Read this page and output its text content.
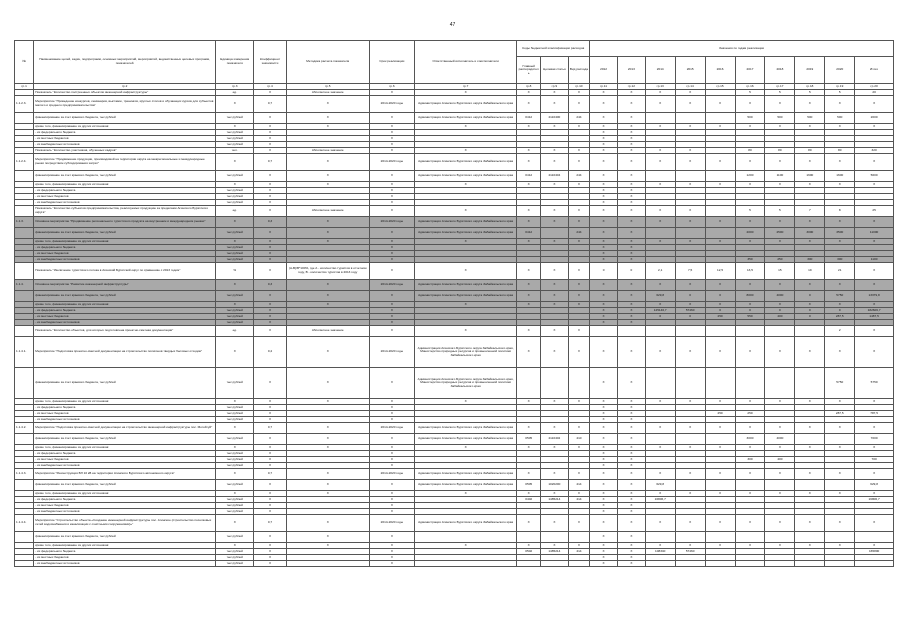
47
№	Наименование целей, задач, подпрограмм, основных мероприятий, мероприятий, ведомственных целевых программ, показателей	Единица измерения показателя	Коэффициент значимости	Методика расчета показателя	Срок реализации	Ответственный исполнитель и соисполнители	Коды бюджетной классификации расходов			Значения по годам реализации									
							Главный распорядитель	Целевая статья	Вид расхода	2012	2013	2014	2015	2016	2017	2018	2019	2020	Итого
гр.1	гр.2	гр.3	гр.4	гр.5	гр.6	гр.7	гр.8	гр.9	гр.10	гр.11	гр.12	гр.13	гр.14	гр.15	гр.16	гр.17	гр.18	гр.19	гр.20
	Показатель "Количество построенных объектов инженерной инфраструктуры"	ед.	X	Абсолютное значение	X	X	X	X	X	X	X	X	X		5	5	5	5	20
1.1.2.3.	Мероприятие "Проведение конкурсов, семинаров, выставок, тренингов, круглых столов и обучающих курсов для субъектов малого и среднего предпринимательства"	X	0,7	X	2014-2020 годы	Администрация Агинского Бурятского округа Забайкальского края	X	X	X	X	X	X	X	X	X	X	X	X	X
	финансирование за счет краевого бюджета, тыс.рублей	тыс.рублей	X	X	X	Администрация Агинского Бурятского округа Забайкальского края	0412	2110400	244	X	X				500	500	500	500	2000
	кроме того, финансирование из других источников:	X	X	X	X	X	X	X	X	X	X	X	X	X	X	X	X	X	X
	- из федерального бюджета	тыс.рублей	X		X					X	X								
	- из местных бюджетов	тыс.рублей	X		X					X	X								
	- из внебюджетных источников	тыс.рублей	X		X					X	X								
	Показатель "Количество участников, обученных кадров"	чел.	X	Абсолютное значение	X	X	X	X	X	X	X	X	X		80	80	80	80	320
1.1.2.4.	Мероприятие "Продвижение продукции, производимой на территории округа на межрегиональные и международные рынки посредством субсидирования затрат"	X	0,7	X	2014-2020 годы	Администрация Агинского Бурятского округа Забайкальского края	X	X	X	X	X	X	X	X	X	X	X	X	X
	финансирование за счет краевого бюджета, тыс.рублей	тыс.рублей	X	X	X	Администрация Агинского Бурятского округа Забайкальского края	0412	2110404	244	X	X				1200	1100	1600	1600	5600
	кроме того, финансирование из других источников:	X	X	X	X	X	X	X	X	X	X	X	X	X	X	X	X	X	X
	- из федерального бюджета	тыс.рублей	X		X					X	X								
	- из местных бюджетов	тыс.рублей	X		X					X	X								
	- из внебюджетных источников	тыс.рублей	X		X					X	X								
	Показатель "Количество субъектов предпринимательства, реализуемых продукцию за пределами Агинского Бурятского округа"	ед.	X	Абсолютное значение	X	X	X	X	X	X	X	X	X		5	5	7	8	25
1.1.3.	Основное мероприятие "Продвижение регионального туристского продукта на внутреннем и международном рынках"	X	0,3	X	2014-2020 годы	Администрация Агинского Бурятского округа Забайкальского края	X	X	X	X	X	X	X	X	X	X	X	X	X
	финансирование за счет краевого бюджета, тыс.рублей	тыс.рублей	X	X	X	Администрация Агинского Бурятского округа Забайкальского края	0412		244	X	X				2000	2500	3000	3500	11000
	кроме того, финансирование из других источников:	X	X	X	X	X	X	X	X	X	X	X	X	X	X	X	X	X	X
	- из федерального бюджета	тыс.рублей	X		X					X	X								
	- из местных бюджетов	тыс.рублей	X		X					X	X								
	- из внебюджетных источников	тыс.рублей	X		X					X	X				350	250	300	300	1100
	Показатель "Увеличение туристского потока в Агинский Бурятский округ по сравнению с 2013 годом"	%	X	(А-В)/В*100%, где А - количество туристов в отчетном году, В - количество туристов в 2013 году	X	X	X	X	X	0	0	2,1	7,5	12,5	13,5	15	19	21	X
1.1.4.	Основное мероприятие "Развитие инженерной инфраструктуры"	X	0,3	X	2014-2020 годы	Администрация Агинского Бурятского округа Забайкальского края	X	X	X	X	X	X	X	X	X	X	X	X	X
	финансирование за счет краевого бюджета, тыс.рублей	тыс.рублей	X	X	X	Администрация Агинского Бурятского округа Забайкальского края	X	X	X	X	X	629,8	0	0	8000	4000	0	5750	13379,8
	кроме того, финансирование из других источников:	X	X	X	X	X	X	X	X	X	X	X	X	X	X	X	X	X	X
	- из федерального бюджета	тыс.рублей	X		X					X	X	125146,7	57460	0	0	0	0	0	182606,7
	- из местных бюджетов	тыс.рублей	X		X					X	X	0	0	250	550	400	0	287,5	1487,5
	- из внебюджетных источников	тыс.рублей	X		X					X	X								
	Показатель "Количество объектов, для которых подготовлена проектно-сметная документация"	ед.	X	Абсолютное значение	X	X	X	X	X									2	X
1.1.4.1.	Мероприятие "Подготовка проектно-сметной документации на строительство полигонов твердых бытовых отходов"	X	0,4	X	2014-2020 годы	Администрация Агинского Бурятского округа Забайкальского края, Министерство природных ресурсов и промышленной политики Забайкальского края	X	X	X	X	X	X	X	X	X	X	X	X	X
	финансирование за счет краевого бюджета, тыс.рублей	тыс.рублей	X	X	X	Администрация Агинского Бурятского округа Забайкальского края, Министерство природных ресурсов и промышленной политики Забайкальского края				X	X							5750	5750
	кроме того, финансирование из других источников:	X	X	X	X	X	X	X	X	X	X	X	X	X	X	X	X	X	X
	- из федерального бюджета	тыс.рублей	X		X					X	X								
	- из местных бюджетов	тыс.рублей	X		X					X	X			250	250			287,5	787,5
	- из внебюджетных источников	тыс.рублей	X		X					X	X								
1.1.4.2.	Мероприятие "Подготовка проектно-сметной документации на строительство инженерной инфраструктуры пос. Могойтуй"	X	0,7	X	2014-2020 годы	Администрация Агинского Бурятского округа Забайкальского края	X	X	X	X	X	X	X	X	X	X	X	X	X
	финансирование за счет краевого бюджета, тыс.рублей	тыс.рублей	X	X	X	Администрация Агинского Бурятского округа Забайкальского края	0505	2110402	410	X	X				3000	4000			7000
	кроме того, финансирование из других источников:	X	X	X	X	X	X	X	X	X	X	X	X	X	X	X	X	X	X
	- из федерального бюджета	тыс.рублей	X		X					X	X								
	- из местных бюджетов	тыс.рублей	X		X					X	X				300	400			700
	- из внебюджетных источников	тыс.рублей	X		X					X	X								
1.1.4.3.	Мероприятие "Реконструкция ВЛ 10 кВ на территории Агинского Бурятского автономного округа"	X	0,7	X	2014-2020 годы	Администрация Агинского Бурятского округа Забайкальского края	X	X	X	X	X	X	X	X	X	X	X	X	X
	финансирование за счет краевого бюджета, тыс.рублей	тыс.рублей	X	X	X	Администрация Агинского Бурятского округа Забайкальского края	0505	1020200	414	X	X	629,8							629,8
	кроме того, финансирование из других источников:	X	X	X	X	X	X	X	X	X	X	X	X	X	X	X	X	X	X
	- из федерального бюджета	тыс.рублей	X		X		0402	1485214	414	X	X	16806,7							16806,7
	- из местных бюджетов	тыс.рублей	X		X					X	X								
	- из внебюджетных источников	тыс.рублей	X		X					X	X								
1.1.4.4.	Мероприятие "Строительство объекта «Создание инженерной инфраструктуры пос. Агинское (строительство поселковых сетей водоснабжения и канализации с очистными сооружениями)»"	X	0,7	X	2014-2020 годы	Администрация Агинского Бурятского округа Забайкальского края	X	X	X	X	X	X	X	X	X	X	X	X	X
	финансирование за счет краевого бюджета, тыс.рублей	тыс.рублей	X	X	X					X	X								
	кроме того, финансирование из других источников:	X	X	X	X	X	X	X	X	X	X	X	X	X	X	X	X	X	X
	- из федерального бюджета	тыс.рублей	X		X		0502	1485214	414	X	X	108340	57460						165800
	- из местных бюджетов	тыс.рублей	X		X					X	X								
	- из внебюджетных источников	тыс.рублей	X		X					X	X								
